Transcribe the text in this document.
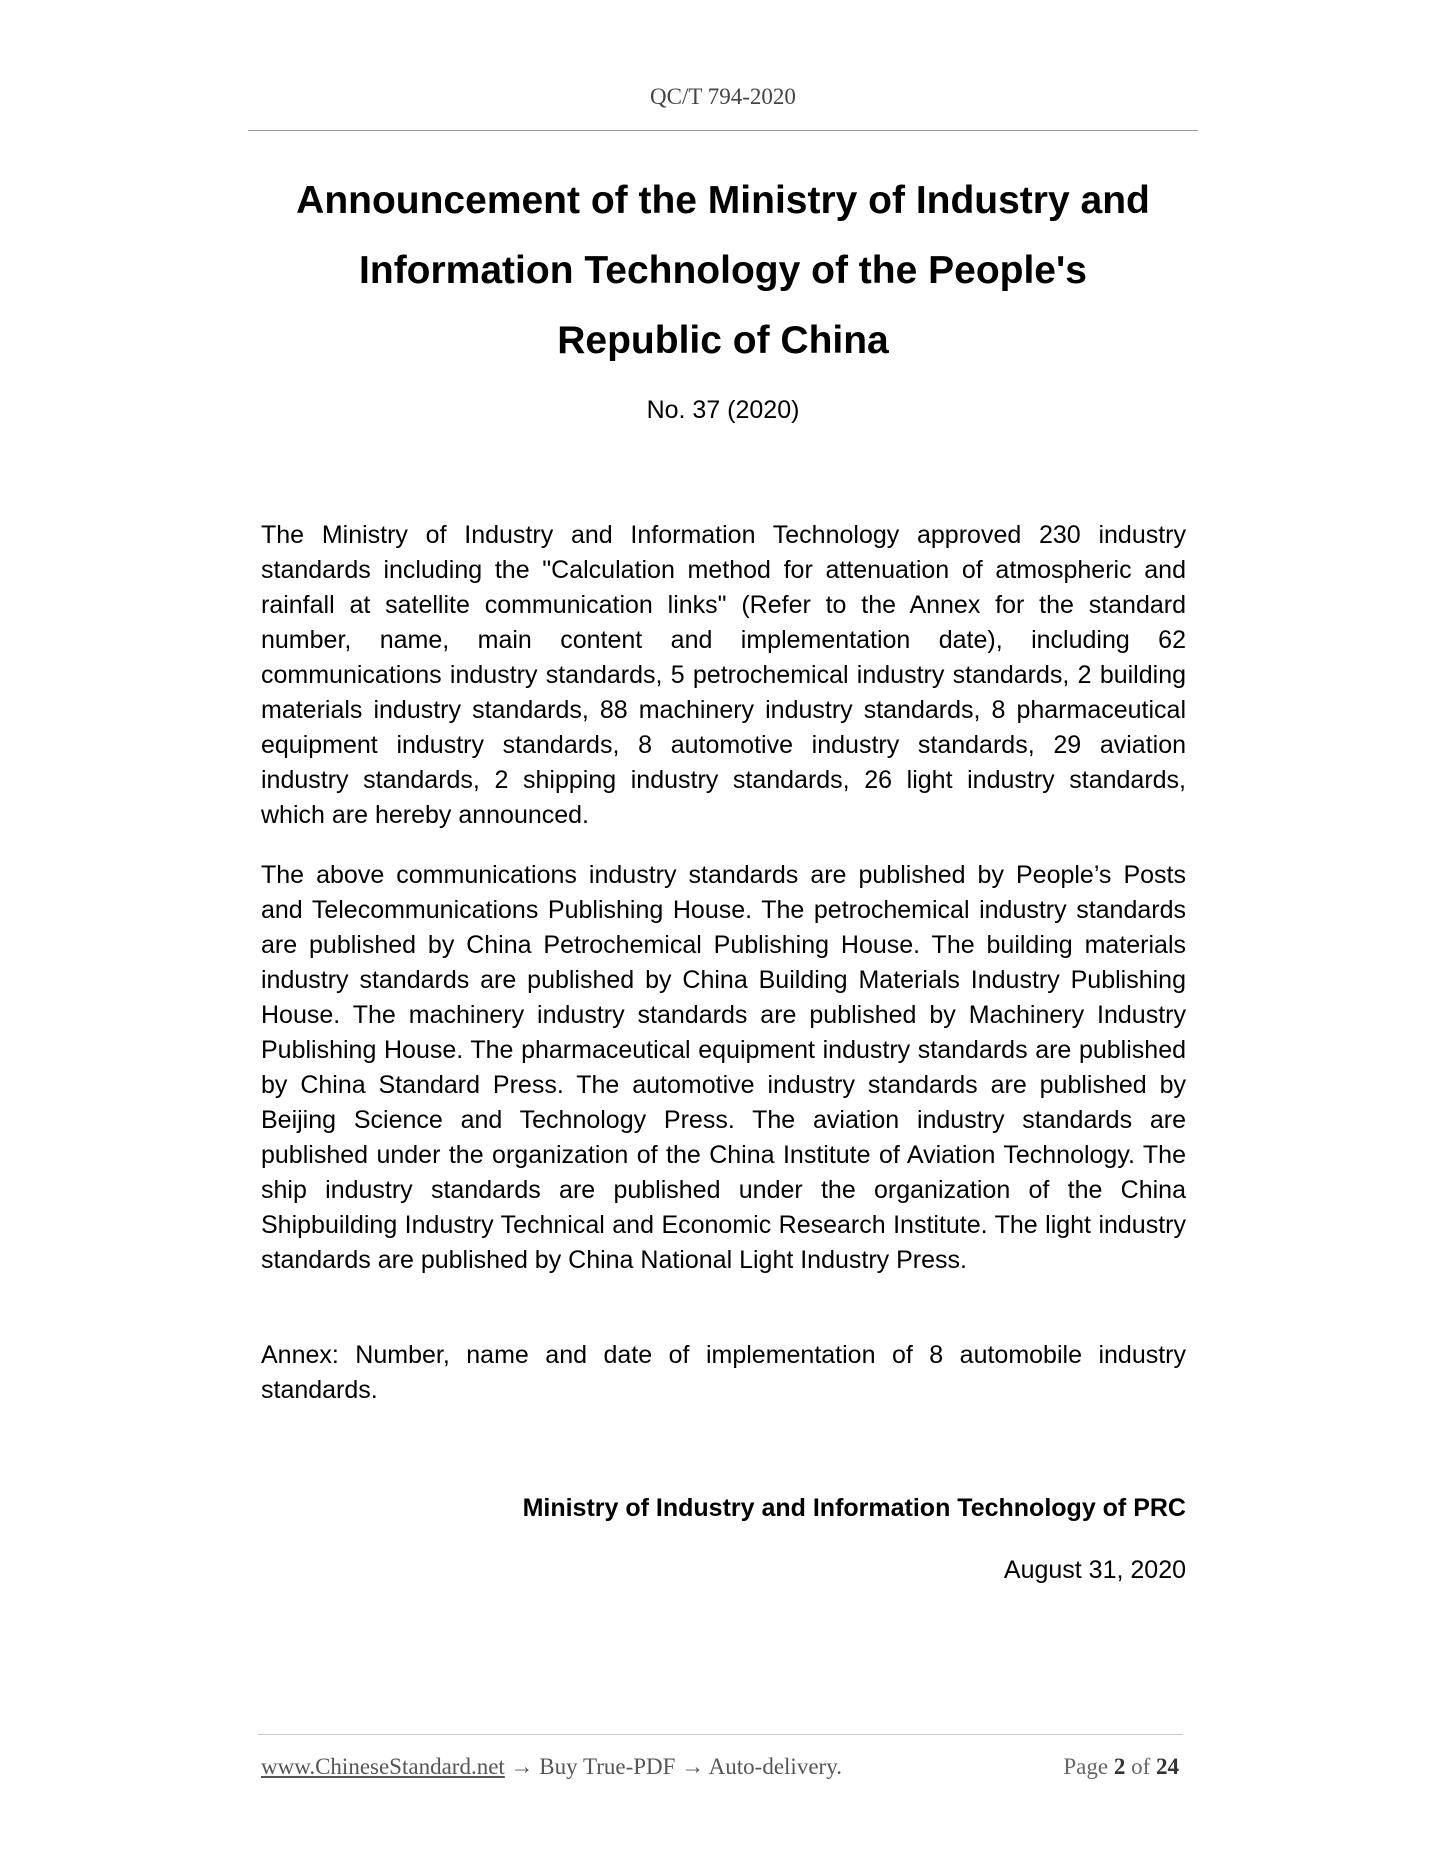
QC/T 794-2020
Announcement of the Ministry of Industry and
Information Technology of the People's
Republic of China
No. 37 (2020)

The Ministry of Industry and Information Technology approved 230 industry standards including the "Calculation method for attenuation of atmospheric and rainfall at satellite communication links" (Refer to the Annex for the standard number, name, main content and implementation date), including 62 communications industry standards, 5 petrochemical industry standards, 2 building materials industry standards, 88 machinery industry standards, 8 pharmaceutical equipment industry standards, 8 automotive industry standards, 29 aviation industry standards, 2 shipping industry standards, 26 light industry standards, which are hereby announced.

The above communications industry standards are published by People’s Posts and Telecommunications Publishing House. The petrochemical industry standards are published by China Petrochemical Publishing House. The building materials industry standards are published by China Building Materials Industry Publishing House. The machinery industry standards are published by Machinery Industry Publishing House. The pharmaceutical equipment industry standards are published by China Standard Press. The automotive industry standards are published by Beijing Science and Technology Press. The aviation industry standards are published under the organization of the China Institute of Aviation Technology. The ship industry standards are published under the organization of the China Shipbuilding Industry Technical and Economic Research Institute. The light industry standards are published by China National Light Industry Press.

Annex: Number, name and date of implementation of 8 automobile industry standards.

Ministry of Industry and Information Technology of PRC
August 31, 2020
www.ChineseStandard.net → Buy True-PDF → Auto-delivery.	Page 2 of 24
